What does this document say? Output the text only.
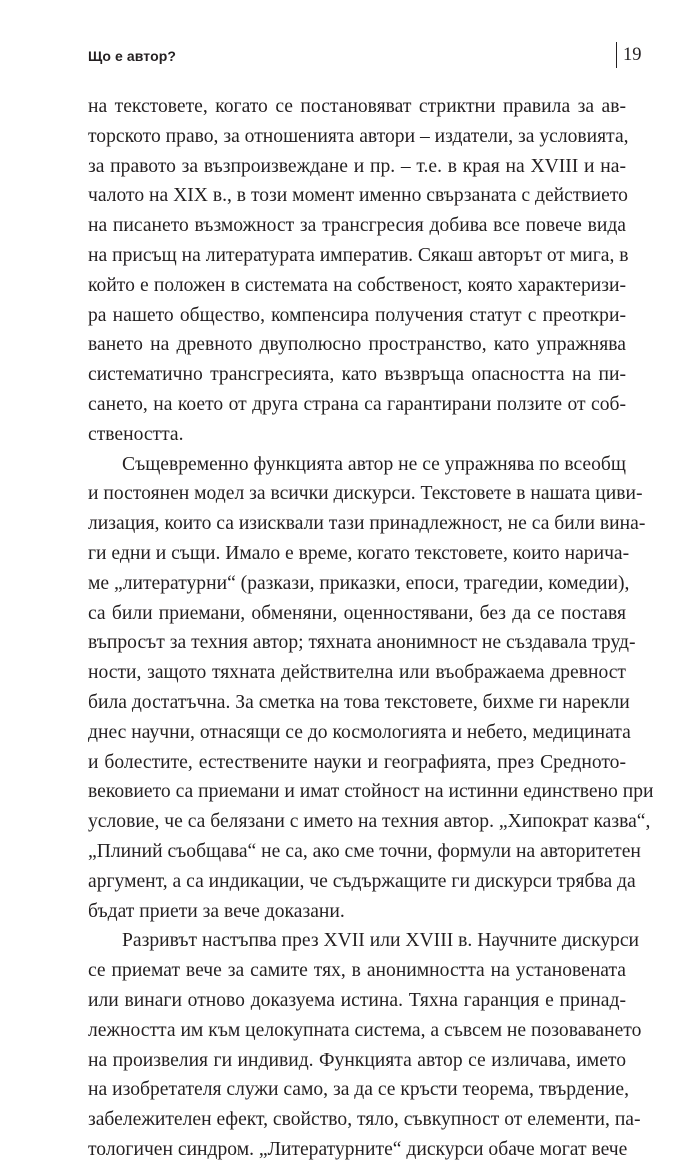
Що е автор?	19
на текстовете, когато се постановяват стриктни правила за ав-
торското право, за отношенията автори – издатели, за условията,
за правото за възпроизвеждане и пр. – т.е. в края на XVIII и на-
чалото на XIX в., в този момент именно свързаната с действието
на писането възможност за трансгресия добива все повече вида
на присъщ на литературата императив. Сякаш авторът от мига, в
който е положен в системата на собственост, която характеризи-
ра нашето общество, компенсира получения статут с преоткри-
ването на древното двуполюсно пространство, като упражнява
систематично трансгресията, като възвръща опасността на пи-
сането, на което от друга страна са гарантирани ползите от соб-
ствеността.
Същевременно функцията автор не се упражнява по всеобщ
и постоянен модел за всички дискурси. Текстовете в нашата циви-
лизация, които са изисквали тази принадлежност, не са били вина-
ги едни и същи. Имало е време, когато текстовете, които наричa-
ме „литературни“ (разкази, приказки, епоси, трагедии, комедии),
са били приемани, обменяни, оценностявани, без да се поставя
въпросът за техния автор; тяхната анонимност не създавала труд-
ности, защото тяхната действителна или въображаема древност
била достатъчна. За сметка на това текстовете, бихме ги нарекли
днес научни, отнасящи се до космологията и небето, медицината
и болестите, естествените науки и географията, през Средното-
вековието са приемани и имат стойност на истинни единствено при
условие, че са белязани с името на техния автор. „Хипократ казва“,
„Плиний съобщава“ не са, ако сме точни, формули на авторитетен
аргумент, а са индикации, че съдържащите ги дискурси трябва да
бъдат приети за вече доказани.
Разривът настъпва през XVII или XVIII в. Научните дискурси
се приемат вече за самите тях, в анонимността на установената
или винаги отново доказуема истина. Тяхна гаранция е принад-
лежността им към целокупната система, а съвсем не позоваването
на произвелия ги индивид. Функцията автор се изличава, името
на изобретателя служи само, за да се кръсти теорема, твърдение,
забележителен ефект, свойство, тяло, съвкупност от елементи, па-
тологичен синдром. „Литературните“ дискурси обаче могат вече
